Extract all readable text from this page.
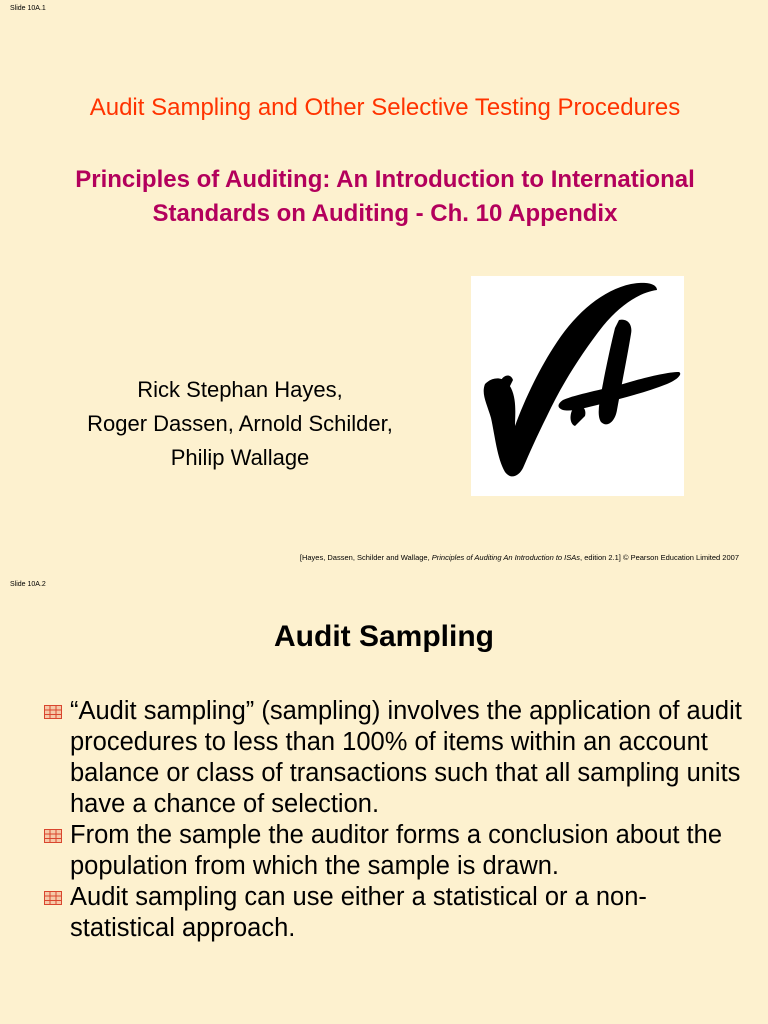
Slide 10A.1
Audit Sampling and Other Selective Testing Procedures
Principles of Auditing: An Introduction to International Standards on Auditing - Ch. 10 Appendix
Rick Stephan Hayes,
Roger Dassen, Arnold Schilder,
Philip Wallage
[Hayes, Dassen, Schilder and Wallage, Principles of Auditing An Introduction to ISAs, edition 2.1] © Pearson Education Limited 2007
Slide 10A.2
Audit Sampling
“Audit sampling” (sampling) involves the application of audit procedures to less than 100% of items within an account balance or class of transactions such that all sampling units have a chance of selection.
From the sample the auditor forms a conclusion about the population from which the sample is drawn.
Audit sampling can use either a statistical or a non-statistical approach.
